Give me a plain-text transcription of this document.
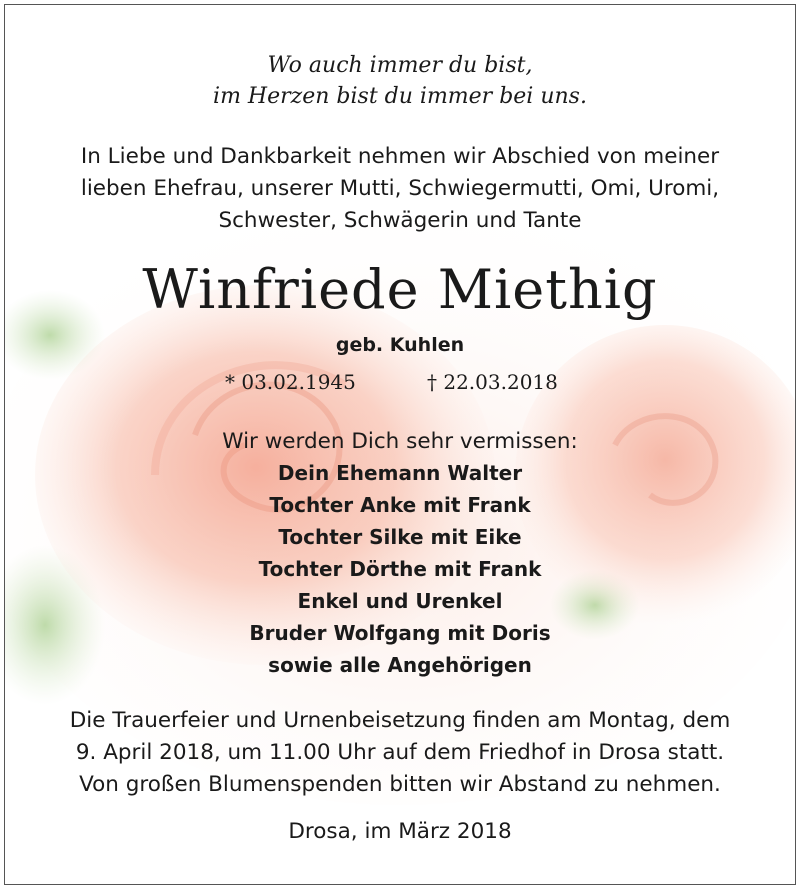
Wo auch immer du bist,
im Herzen bist du immer bei uns.
In Liebe und Dankbarkeit nehmen wir Abschied von meiner
lieben Ehefrau, unserer Mutti, Schwiegermutti, Omi, Uromi,
Schwester, Schwägerin und Tante
Winfriede Miethig
geb. Kuhlen
* 03.02.1945	† 22.03.2018
Wir werden Dich sehr vermissen:
Dein Ehemann Walter
Tochter Anke mit Frank
Tochter Silke mit Eike
Tochter Dörthe mit Frank
Enkel und Urenkel
Bruder Wolfgang mit Doris
sowie alle Angehörigen
Die Trauerfeier und Urnenbeisetzung finden am Montag, dem
9. April 2018, um 11.00 Uhr auf dem Friedhof in Drosa statt.
Von großen Blumenspenden bitten wir Abstand zu nehmen.
Drosa, im März 2018
